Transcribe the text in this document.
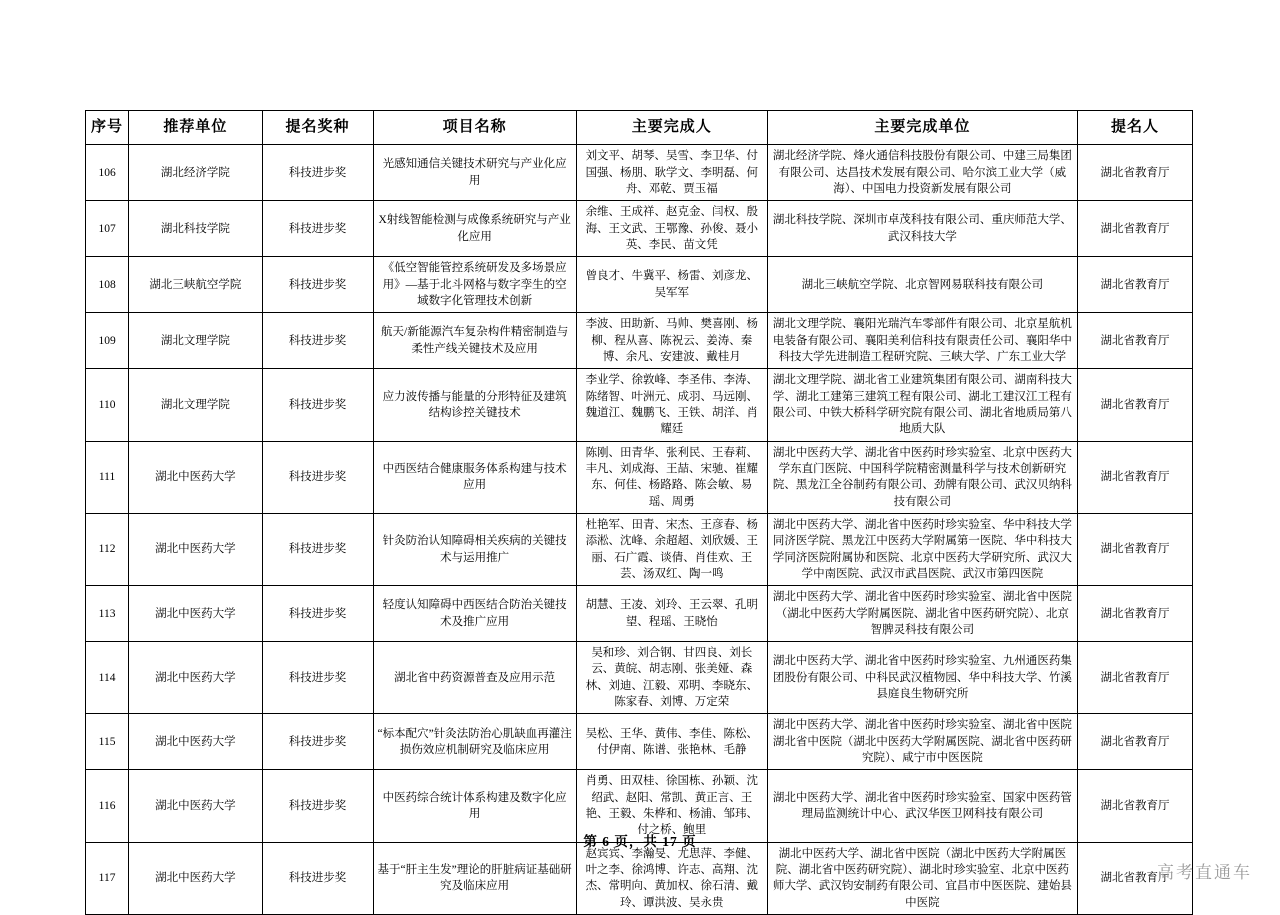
序号	推荐单位	提名奖种	项目名称	主要完成人	主要完成单位	提名人
106	湖北经济学院	科技进步奖	光感知通信关键技术研究与产业化应用	刘文平、胡琴、吴雪、李卫华、付国强、杨朋、耿学文、李明磊、何舟、邓乾、贾玉福	湖北经济学院、烽火通信科技股份有限公司、中建三局集团有限公司、达昌技术发展有限公司、哈尔滨工业大学（威海）、中国电力投资新发展有限公司	湖北省教育厅
107	湖北科技学院	科技进步奖	X射线智能检测与成像系统研究与产业化应用	余维、王成祥、赵克金、闫权、殷海、王文武、王鄂豫、孙俊、聂小英、李民、苗文凭	湖北科技学院、深圳市卓茂科技有限公司、重庆师范大学、武汉科技大学	湖北省教育厅
108	湖北三峡航空学院	科技进步奖	《低空智能管控系统研发及多场景应用》—基于北斗网格与数字孪生的空域数字化管理技术创新	曾良才、牛冀平、杨雷、刘彦龙、吴军军	湖北三峡航空学院、北京智网易联科技有限公司	湖北省教育厅
109	湖北文理学院	科技进步奖	航天/新能源汽车复杂构件精密制造与柔性产线关键技术及应用	李波、田助新、马帅、樊喜刚、杨柳、程从喜、陈祝云、姜涛、秦博、余凡、安建波、戴桂月	湖北文理学院、襄阳光瑞汽车零部件有限公司、北京星航机电装备有限公司、襄阳美利信科技有限责任公司、襄阳华中科技大学先进制造工程研究院、三峡大学、广东工业大学	湖北省教育厅
110	湖北文理学院	科技进步奖	应力波传播与能量的分形特征及建筑结构诊控关键技术	李业学、徐敦峰、李圣伟、李涛、陈绪智、叶洲元、成羽、马远刚、魏道江、魏鹏飞、王铁、胡洋、肖耀廷	湖北文理学院、湖北省工业建筑集团有限公司、湖南科技大学、湖北工建第三建筑工程有限公司、湖北工建汉江工程有限公司、中铁大桥科学研究院有限公司、湖北省地质局第八地质大队	湖北省教育厅
111	湖北中医药大学	科技进步奖	中西医结合健康服务体系构建与技术应用	陈刚、田青华、张利民、王春莉、丰凡、刘成海、王喆、宋驰、崔耀东、何佳、杨路路、陈会敏、易瑶、周勇	湖北中医药大学、湖北省中医药时珍实验室、北京中医药大学东直门医院、中国科学院精密测量科学与技术创新研究院、黑龙江全谷制药有限公司、劲牌有限公司、武汉贝纳科技有限公司	湖北省教育厅
112	湖北中医药大学	科技进步奖	针灸防治认知障碍相关疾病的关键技术与运用推广	杜艳军、田青、宋杰、王彦春、杨添淞、沈峰、余超超、刘欣媛、王丽、石广霞、谈倩、肖佳欢、王芸、汤双红、陶一鸣	湖北中医药大学、湖北省中医药时珍实验室、华中科技大学同济医学院、黑龙江中医药大学附属第一医院、华中科技大学同济医院附属协和医院、北京中医药大学研究所、武汉大学中南医院、武汉市武昌医院、武汉市第四医院	湖北省教育厅
113	湖北中医药大学	科技进步奖	轻度认知障碍中西医结合防治关键技术及推广应用	胡慧、王凌、刘玲、王云翠、孔明望、程瑶、王晓怡	湖北中医药大学、湖北省中医药时珍实验室、湖北省中医院（湖北中医药大学附属医院、湖北省中医药研究院）、北京智脾灵科技有限公司	湖北省教育厅
114	湖北中医药大学	科技进步奖	湖北省中药资源普查及应用示范	吴和珍、刘合钢、甘四良、刘长云、黄皖、胡志刚、张美娅、森林、刘迪、江毅、邓明、李晓东、陈家春、刘博、万定荣	湖北中医药大学、湖北省中医药时珍实验室、九州通医药集团股份有限公司、中科民武汉植物园、华中科技大学、竹溪县庭良生物研究所	湖北省教育厅
115	湖北中医药大学	科技进步奖	“标本配穴”针灸法防治心肌缺血再灌注损伤效应机制研究及临床应用	吴松、王华、黄伟、李佳、陈松、付伊南、陈谱、张艳林、毛静	湖北中医药大学、湖北省中医药时珍实验室、湖北省中医院湖北省中医院（湖北中医药大学附属医院、湖北省中医药研究院）、咸宁市中医医院	湖北省教育厅
116	湖北中医药大学	科技进步奖	中医药综合统计体系构建及数字化应用	肖勇、田双桂、徐国栋、孙颖、沈绍武、赵阳、常凯、黄正言、王艳、王毅、朱桦和、杨浦、邹玮、付之桥、鲍里	湖北中医药大学、湖北省中医药时珍实验室、国家中医药管理局监测统计中心、武汉华医卫网科技有限公司	湖北省教育厅
117	湖北中医药大学	科技进步奖	基于“肝主生发”理论的肝脏病证基础研究及临床应用	赵宾宾、李瀚旻、尤思萍、李健、叶之李、徐鸿博、许志、高翔、沈杰、常明向、黄加权、徐石清、戴玲、谭洪波、吴永贵	湖北中医药大学、湖北省中医院（湖北中医药大学附属医院、湖北省中医药研究院）、湖北时珍实验室、北京中医药师大学、武汉钧安制药有限公司、宜昌市中医医院、建始县中医院	湖北省教育厅
第 6 页，共 17 页
高考直通车
